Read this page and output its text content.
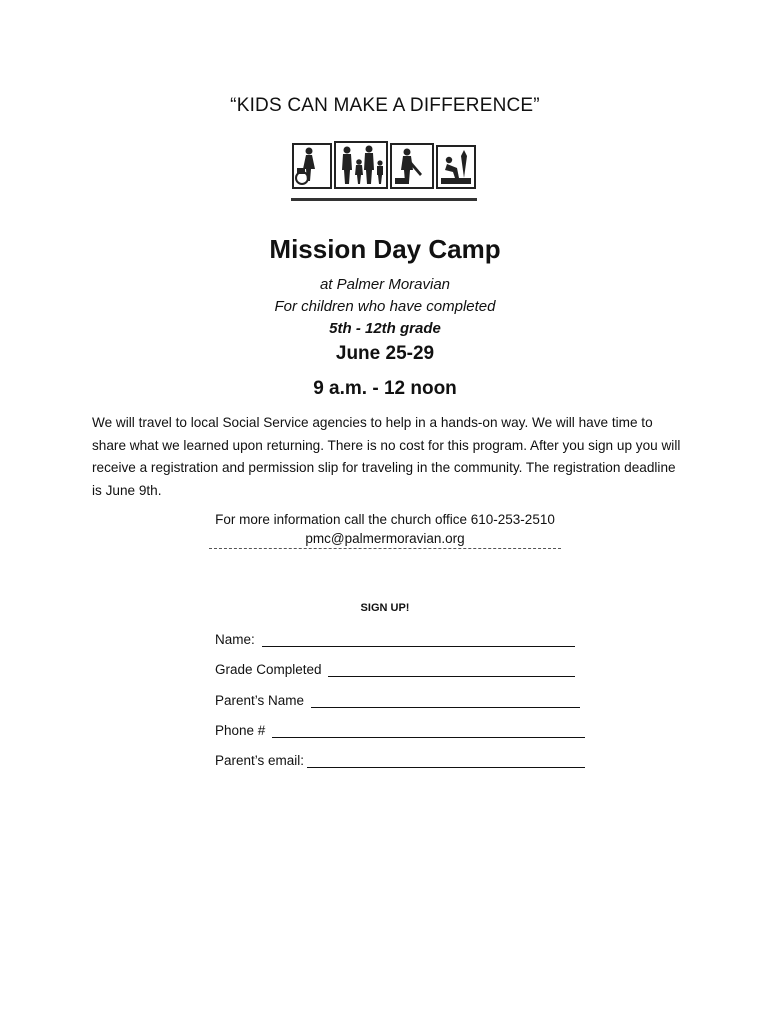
“KIDS CAN MAKE A DIFFERENCE”
Mission Day Camp
at Palmer Moravian
For children who have completed
5th - 12th grade
June 25-29
9 a.m. - 12 noon
We will travel to local Social Service agencies to help in a hands-on way. We will have time to share what we learned upon returning. There is no cost for this program. After you sign up you will receive a registration and permission slip for traveling in the community. The registration deadline is June 9th.
For more information call the church office 610-253-2510
pmc@palmermoravian.org
SIGN UP!
Name:
Grade Completed
Parent’s Name
Phone #
Parent’s email:
